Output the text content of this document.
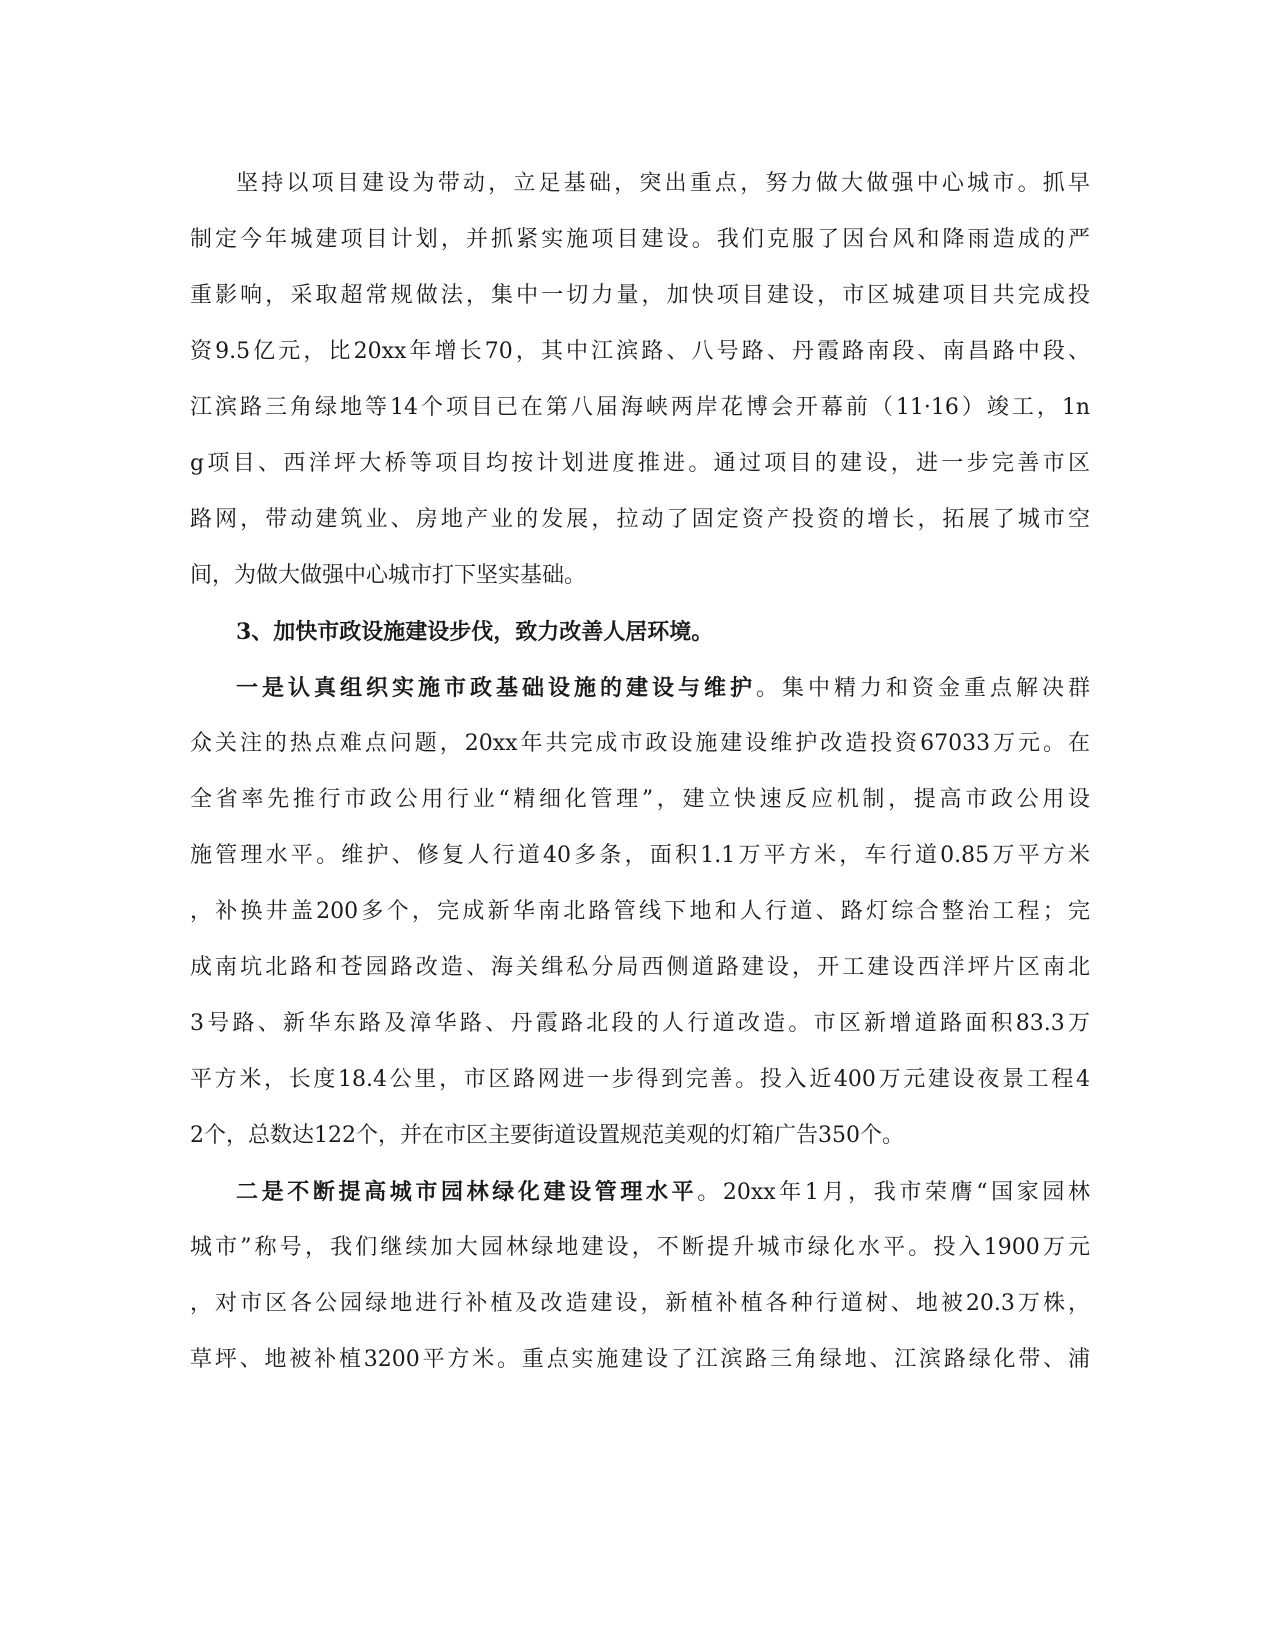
坚持以项目建设为带动，立足基础，突出重点，努力做大做强中心城市。抓早
制定今年城建项目计划，并抓紧实施项目建设。我们克服了因台风和降雨造成的严
重影响，采取超常规做法，集中一切力量，加快项目建设，市区城建项目共完成投
资9.5亿元，比20xx年增长70，其中江滨路、八号路、丹霞路南段、南昌路中段、
江滨路三角绿地等14个项目已在第八届海峡两岸花博会开幕前（11·16）竣工，1n
g项目、西洋坪大桥等项目均按计划进度推进。通过项目的建设，进一步完善市区
路网，带动建筑业、房地产业的发展，拉动了固定资产投资的增长，拓展了城市空
间，为做大做强中心城市打下坚实基础。
3、加快市政设施建设步伐，致力改善人居环境。
一是认真组织实施市政基础设施的建设与维护。集中精力和资金重点解决群
众关注的热点难点问题，20xx年共完成市政设施建设维护改造投资67033万元。在
全省率先推行市政公用行业“精细化管理”，建立快速反应机制，提高市政公用设
施管理水平。维护、修复人行道40多条，面积1.1万平方米，车行道0.85万平方米
，补换井盖200多个，完成新华南北路管线下地和人行道、路灯综合整治工程；完
成南坑北路和苍园路改造、海关缉私分局西侧道路建设，开工建设西洋坪片区南北
3号路、新华东路及漳华路、丹霞路北段的人行道改造。市区新增道路面积83.3万
平方米，长度18.4公里，市区路网进一步得到完善。投入近400万元建设夜景工程4
2个，总数达122个，并在市区主要街道设置规范美观的灯箱广告350个。
二是不断提高城市园林绿化建设管理水平。20xx年1月，我市荣膺“国家园林
城市”称号，我们继续加大园林绿地建设，不断提升城市绿化水平。投入1900万元
，对市区各公园绿地进行补植及改造建设，新植补植各种行道树、地被20.3万株，
草坪、地被补植3200平方米。重点实施建设了江滨路三角绿地、江滨路绿化带、浦
